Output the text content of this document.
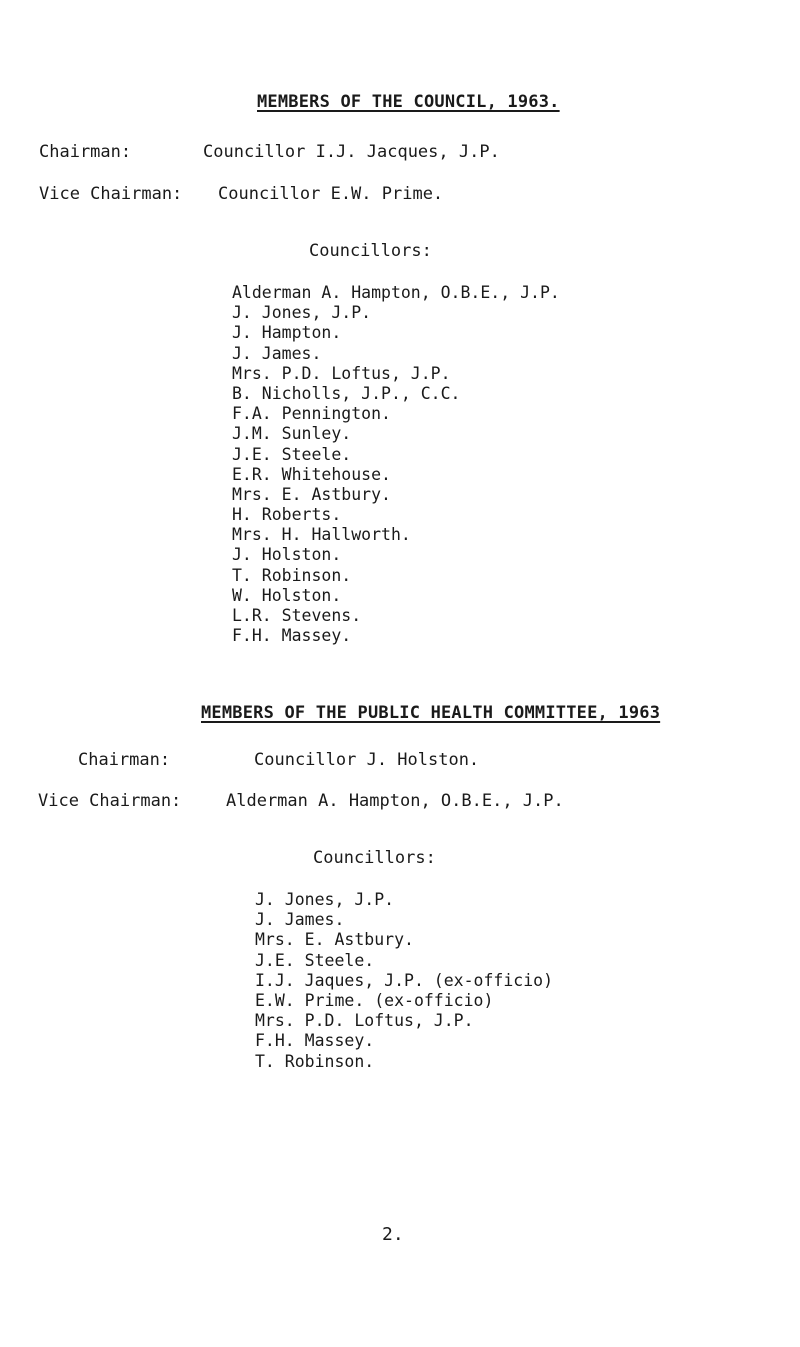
MEMBERS OF THE COUNCIL, 1963.
Chairman:	Councillor I.J. Jacques, J.P.
Vice Chairman: Councillor E.W. Prime.
Councillors:
Alderman A. Hampton, O.B.E., J.P.
J. Jones, J.P.
J. Hampton.
J. James.
Mrs. P.D. Loftus, J.P.
B. Nicholls, J.P., C.C.
F.A. Pennington.
J.M. Sunley.
J.E. Steele.
E.R. Whitehouse.
Mrs. E. Astbury.
H. Roberts.
Mrs. H. Hallworth.
J. Holston.
T. Robinson.
W. Holston.
L.R. Stevens.
F.H. Massey.
MEMBERS OF THE PUBLIC HEALTH COMMITTEE, 1963
Chairman:	Councillor J. Holston.
Vice Chairman:	Alderman A. Hampton, O.B.E., J.P.
Councillors:
J. Jones, J.P.
J. James.
Mrs. E. Astbury.
J.E. Steele.
I.J. Jaques, J.P. (ex-officio)
E.W. Prime. (ex-officio)
Mrs. P.D. Loftus, J.P.
F.H. Massey.
T. Robinson.
2.
